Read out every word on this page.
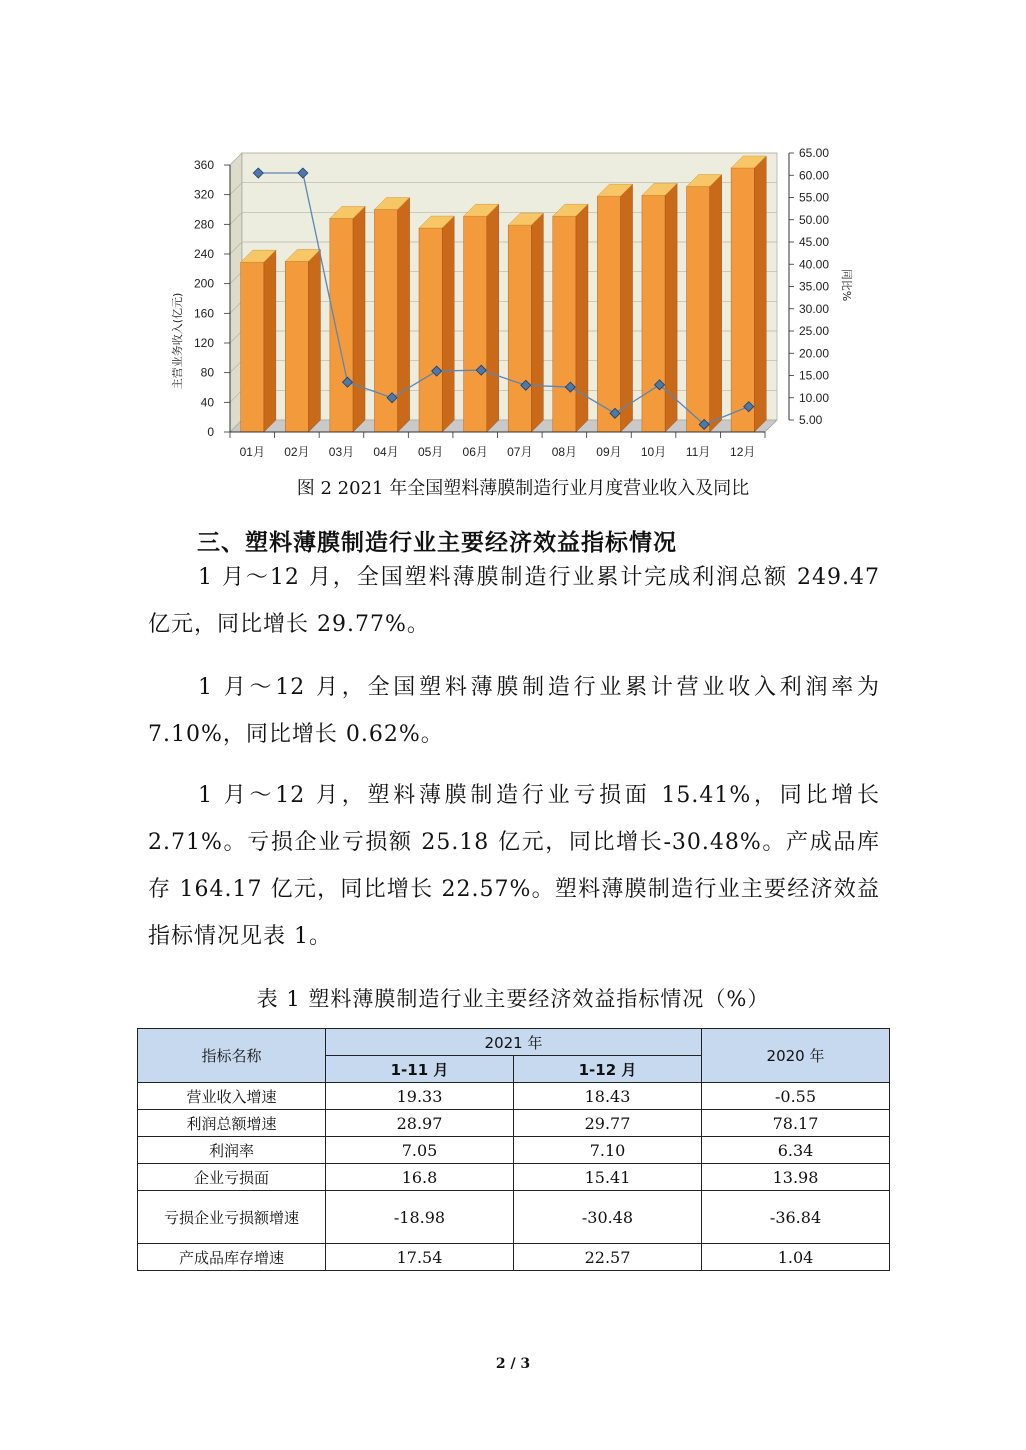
0
40
80
120
160
200
240
280
320
360
5.00
10.00
15.00
20.00
25.00
30.00
35.00
40.00
45.00
50.00
55.00
60.00
65.00
01月 02月 03月 04月 05月 06月 07月 08月 09月 10月 11月 12月
主营业务收入(亿元)
同比%
图 2 2021 年全国塑料薄膜制造行业月度营业收入及同比
三、塑料薄膜制造行业主要经济效益指标情况

1 月～12 月，全国塑料薄膜制造行业累计完成利润总额 249.47 亿元，同比增长 29.77%。

1 月～12 月，全国塑料薄膜制造行业累计营业收入利润率为 7.10%，同比增长 0.62%。

1 月～12 月，塑料薄膜制造行业亏损面 15.41%，同比增长 2.71%。亏损企业亏损额 25.18 亿元，同比增长-30.48%。产成品库存 164.17 亿元，同比增长 22.57%。塑料薄膜制造行业主要经济效益指标情况见表 1。

表 1 塑料薄膜制造行业主要经济效益指标情况（%）
指标名称	2021 年		2020 年
	1-11 月	1-12 月	
营业收入增速	19.33	18.43	-0.55
利润总额增速	28.97	29.77	78.17
利润率	7.05	7.10	6.34
企业亏损面	16.8	15.41	13.98
亏损企业亏损额增速	-18.98	-30.48	-36.84
产成品库存增速	17.54	22.57	1.04
2 / 3
